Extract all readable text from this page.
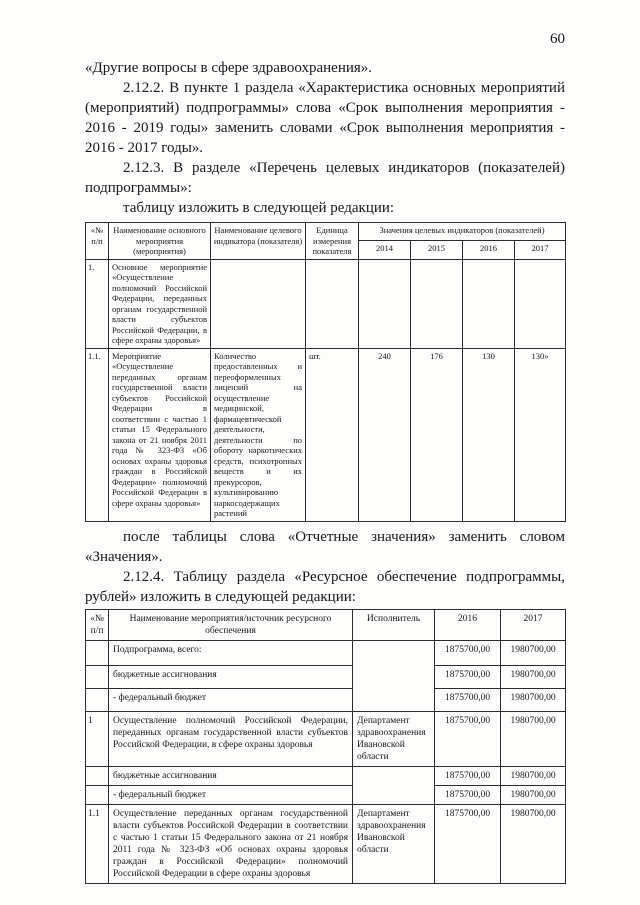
60

«Другие вопросы в сфере здравоохранения».

2.12.2. В пункте 1 раздела «Характеристика основных мероприятий (мероприятий) подпрограммы» слова «Срок выполнения мероприятия - 2016 - 2019 годы» заменить словами «Срок выполнения мероприятия - 2016 - 2017 годы».

2.12.3. В разделе «Перечень целевых индикаторов (показателей) подпрограммы»:

таблицу изложить в следующей редакции:

«№ п/п	Наименование основного мероприятия (мероприятия)	Наименование целевого индикатора (показателя)	Единица измерения показателя	Значения целевых индикаторов (показателей)			
				2014	2015	2016	2017
1.	Основное мероприятие «Осуществление полномочий Российской Федерации, переданных органам государственной власти субъектов Российской Федерации, в сфере охраны здоровья»						
1.1.	Мероприятие «Осуществление переданных органам государственной власти субъектов Российской Федерации в соответствии с частью 1 статьи 15 Федерального закона от 21 ноября 2011 года № 323-ФЗ «Об основах охраны здоровья граждан в Российской Федерации» полномочий Российской Федерации в сфере охраны здоровья»	Количество предоставленных и переоформленных лицензий на осуществление медицинской, фармацевтической деятельности, деятельности по обороту наркотических средств, психотропных веществ и их прекурсоров, культивированию наркосодержащих растений	шт.	240	176	130	130»

после таблицы слова «Отчетные значения» заменить словом «Значения».

2.12.4. Таблицу раздела «Ресурсное обеспечение подпрограммы, рублей» изложить в следующей редакции:

«№ п/п	Наименование мероприятия/источник ресурсного обеспечения	Исполнитель	2016	2017
	Подпрограмма, всего:		1875700,00	1980700,00
	бюджетные ассигнования		1875700,00	1980700,00
	- федеральный бюджет		1875700,00	1980700,00
1	Осуществление полномочий Российской Федерации, переданных органам государственной власти субъектов Российской Федерации, в сфере охраны здоровья	Департамент здравоохранения Ивановской области	1875700,00	1980700,00
	бюджетные ассигнования		1875700,00	1980700,00
	- федеральный бюджет		1875700,00	1980700,00
1.1	Осуществление переданных органам государственной власти субъектов Российской Федерации в соответствии с частью 1 статьи 15 Федерального закона от 21 ноября 2011 года № 323-ФЗ «Об основах охраны здоровья граждан в Российской Федерации» полномочий Российской Федерации в сфере охраны здоровья	Департамент здравоохранения Ивановской области	1875700,00	1980700,00
